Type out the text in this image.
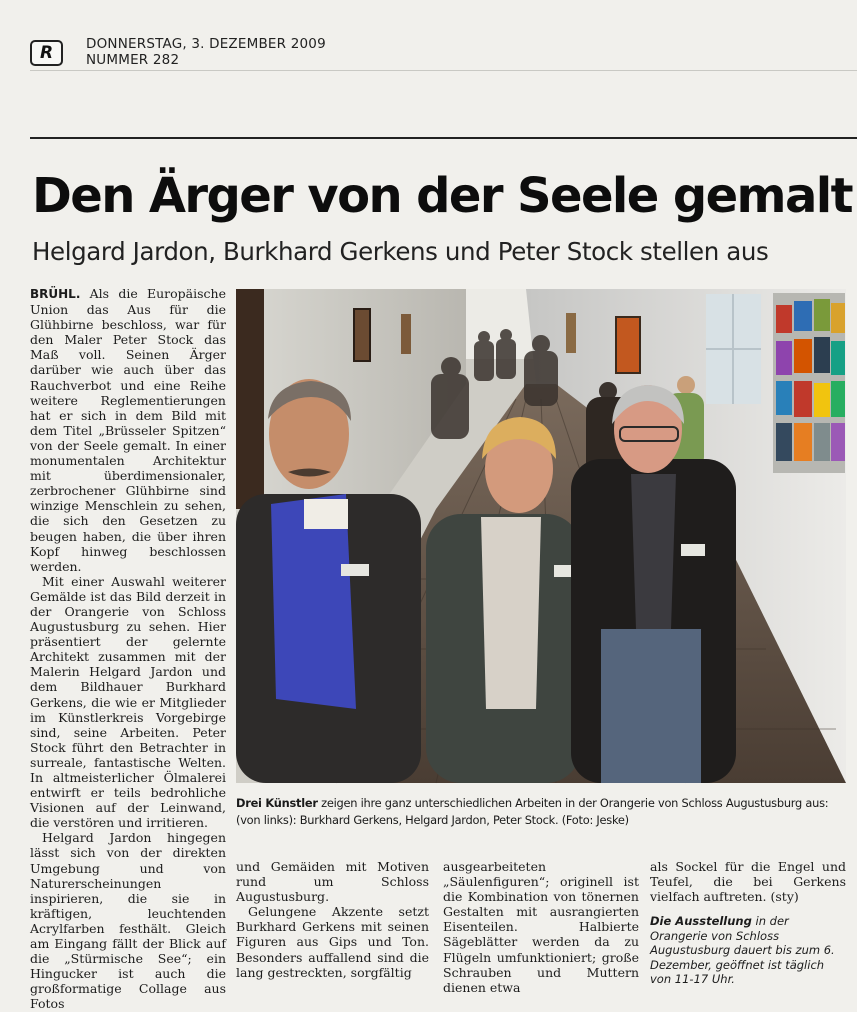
R	DONNERSTAG, 3. DEZEMBER 2009
NUMMER 282
Den Ärger von der Seele gemalt
Helgard Jardon, Burkhard Gerkens und Peter Stock stellen aus

BRÜHL. Als die Europäische Union das Aus für die Glühbirne beschloss, war für den Maler Peter Stock das Maß voll. Seinen Ärger darüber wie auch über das Rauchverbot und eine Reihe weitere Reglementierungen hat er sich in dem Bild mit dem Titel „Brüsseler Spitzen“ von der Seele gemalt. In einer monumentalen Architektur mit überdimensionaler, zerbrochener Glühbirne sind winzige Menschlein zu sehen, die sich den Gesetzen zu beugen haben, die über ihren Kopf hinweg beschlossen werden.

Mit einer Auswahl weiterer Gemälde ist das Bild derzeit in der Orangerie von Schloss Augustusburg zu sehen. Hier präsentiert der gelernte Architekt zusammen mit der Malerin Helgard Jardon und dem Bildhauer Burkhard Gerkens, die wie er Mitglieder im Künstlerkreis Vorgebirge sind, seine Arbeiten. Peter Stock führt den Betrachter in surreale, fantastische Welten. In altmeisterlicher Ölmalerei entwirft er teils bedrohliche Visionen auf der Leinwand, die verstören und irritieren.

Helgard Jardon hingegen lässt sich von der direkten Umgebung und von Naturerscheinungen inspirieren, die sie in kräftigen, leuchtenden Acrylfarben festhält. Gleich am Eingang fällt der Blick auf die „Stürmische See“; ein Hingucker ist auch die großformatige Collage aus Fotos

Drei Künstler zeigen ihre ganz unterschiedlichen Arbeiten in der Orangerie von Schloss Augustusburg aus:
(von links): Burkhard Gerkens, Helgard Jardon, Peter Stock. (Foto: Jeske)

und Gemäiden mit Motiven rund um Schloss Augustusburg.

Gelungene Akzente setzt Burkhard Gerkens mit seinen Figuren aus Gips und Ton. Besonders auffallend sind die lang gestreckten, sorgfältig

ausgearbeiteten „Säulenfiguren“; originell ist die Kombination von tönernen Gestalten mit ausrangierten Eisenteilen. Halbierte Sägeblätter werden da zu Flügeln umfunktioniert; große Schrauben und Muttern dienen etwa

als Sockel für die Engel und Teufel, die bei Gerkens vielfach auftreten. (sty)

Die Ausstellung in der Orangerie von Schloss Augustusburg dauert bis zum 6. Dezember, geöffnet ist täglich von 11-17 Uhr.
